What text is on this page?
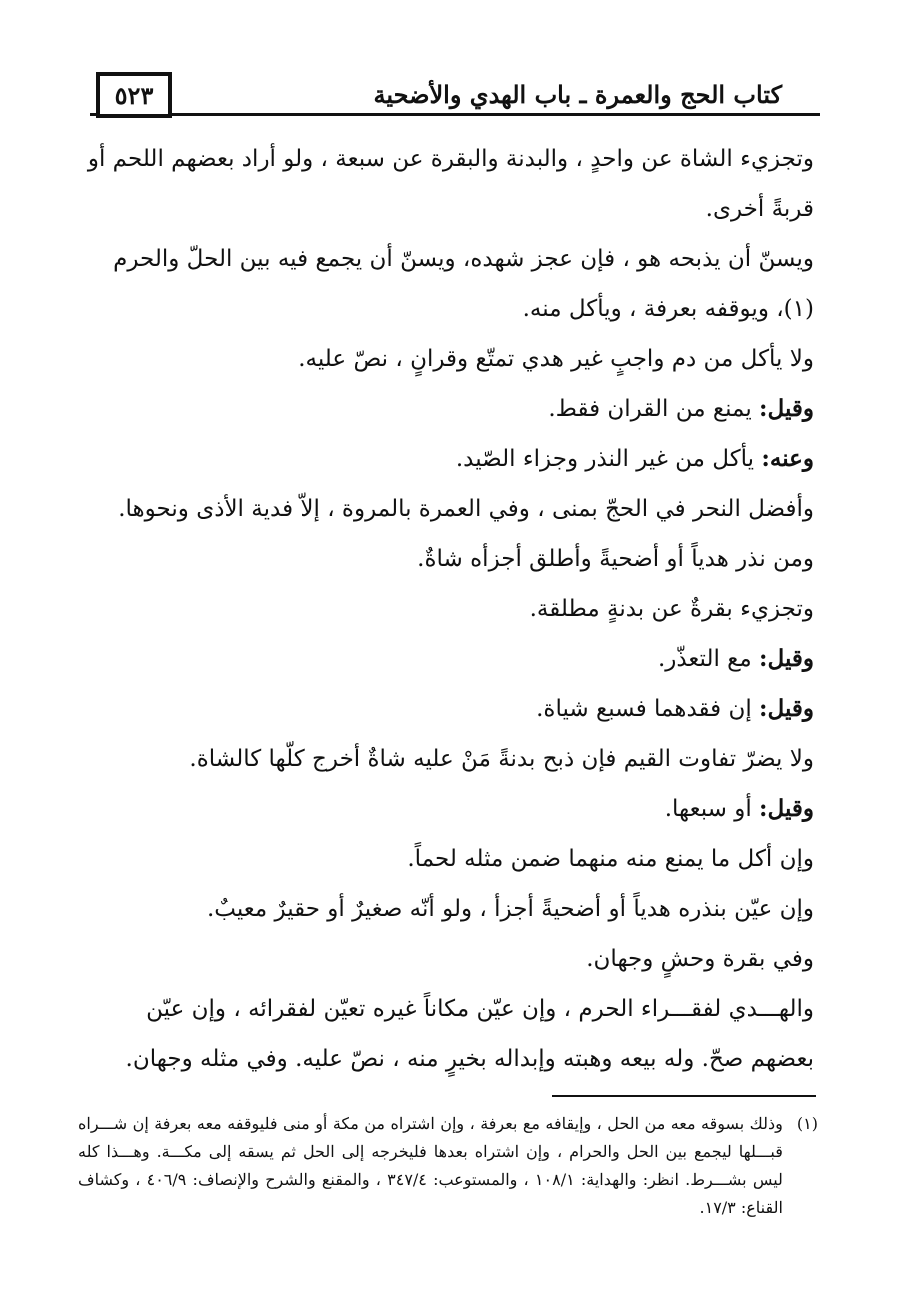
٥٢٣	كتاب الحج والعمرة ـ باب الهدي والأضحية

وتجزيء الشاة عن واحدٍ ، والبدنة والبقرة عن سبعة ، ولو أراد بعضهم اللحم أو قربةً أخرى.

ويسنّ أن يذبحه هو ، فإن عجز شهده، ويسنّ أن يجمع فيه بين الحلّ والحرم (١)، ويوقفه بعرفة ، ويأكل منه.

ولا يأكل من دم واجبٍ غير هدي تمتّع وقرانٍ ، نصّ عليه.

وقيل: يمنع من القران فقط.

وعنه: يأكل من غير النذر وجزاء الصّيد.

وأفضل النحر في الحجّ بمنى ، وفي العمرة بالمروة ، إلاّ فدية الأذى ونحوها.

ومن نذر هدياً أو أضحيةً وأطلق أجزأه شاةٌ.

وتجزيء بقرةٌ عن بدنةٍ مطلقة.

وقيل: مع التعذّر.

وقيل: إن فقدهما فسبع شياة.

ولا يضرّ تفاوت القيم فإن ذبح بدنةً مَنْ عليه شاةٌ أخرج كلّها كالشاة.

وقيل: أو سبعها.

وإن أكل ما يمنع منه منهما ضمن مثله لحماً.

وإن عيّن بنذره هدياً أو أضحيةً أجزأ ، ولو أنّه صغيرٌ أو حقيرٌ معيبٌ.

وفي بقرة وحشٍ وجهان.

والهـــدي لفقـــراء الحرم ، وإن عيّن مكاناً غيره تعيّن لفقرائه ، وإن عيّن بعضهم صحّ. وله بيعه وهبته وإبداله بخيرٍ منه ، نصّ عليه. وفي مثله وجهان.

(١)
وذلك بسوقه معه من الحل ، وإيقافه مع بعرفة ، وإن اشتراه من مكة أو منى فليوقفه معه بعرفة إن شـــراه قبـــلها ليجمع بين الحل والحرام ، وإن اشتراه بعدها فليخرجه إلى الحل ثم يسقه إلى مكـــة. وهـــذا كله ليس بشـــرط. انظر: والهداية: ١٠٨/١ ، والمستوعب: ٣٤٧/٤ ، والمقنع والشرح والإنصاف: ٤٠٦/٩ ، وكشاف القناع: ١٧/٣.
